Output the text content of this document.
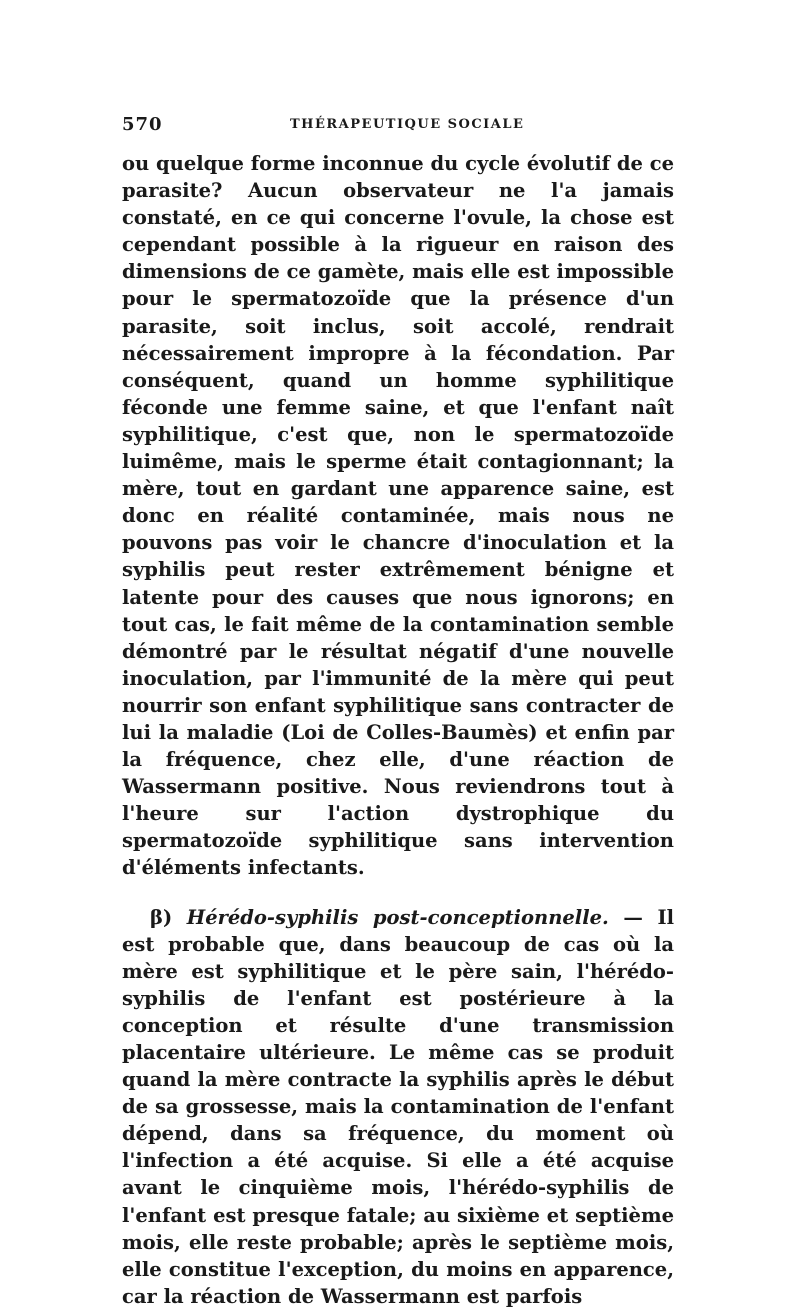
570	THÉRAPEUTIQUE SOCIALE

ou quelque forme inconnue du cycle évolutif de ce parasite? Aucun observateur ne l'a jamais constaté, en ce qui concerne l'ovule, la chose est cependant possible à la rigueur en raison des dimensions de ce gamète, mais elle est impossible pour le spermatozoïde que la présence d'un parasite, soit inclus, soit accolé, rendrait nécessairement impropre à la fécondation. Par conséquent, quand un homme syphilitique féconde une femme saine, et que l'enfant naît syphilitique, c'est que, non le spermatozoïde luimême, mais le sperme était contagionnant; la mère, tout en gardant une apparence saine, est donc en réalité contaminée, mais nous ne pouvons pas voir le chancre d'inoculation et la syphilis peut rester extrêmement bénigne et latente pour des causes que nous ignorons; en tout cas, le fait même de la contamination semble démontré par le résultat négatif d'une nouvelle inoculation, par l'immunité de la mère qui peut nourrir son enfant syphilitique sans contracter de lui la maladie (Loi de Colles-Baumès) et enfin par la fréquence, chez elle, d'une réaction de Wassermann positive. Nous reviendrons tout à l'heure sur l'action dystrophique du spermatozoïde syphilitique sans intervention d'éléments infectants.

β) Hérédo-syphilis post-conceptionnelle. — Il est probable que, dans beaucoup de cas où la mère est syphilitique et le père sain, l'hérédo-syphilis de l'enfant est postérieure à la conception et résulte d'une transmission placentaire ultérieure. Le même cas se produit quand la mère contracte la syphilis après le début de sa grossesse, mais la contamination de l'enfant dépend, dans sa fréquence, du moment où l'infection a été acquise. Si elle a été acquise avant le cinquième mois, l'hérédo-syphilis de l'enfant est presque fatale; au sixième et septième mois, elle reste probable; après le septième mois, elle constitue l'exception, du moins en apparence, car la réaction de Wassermann est parfois
